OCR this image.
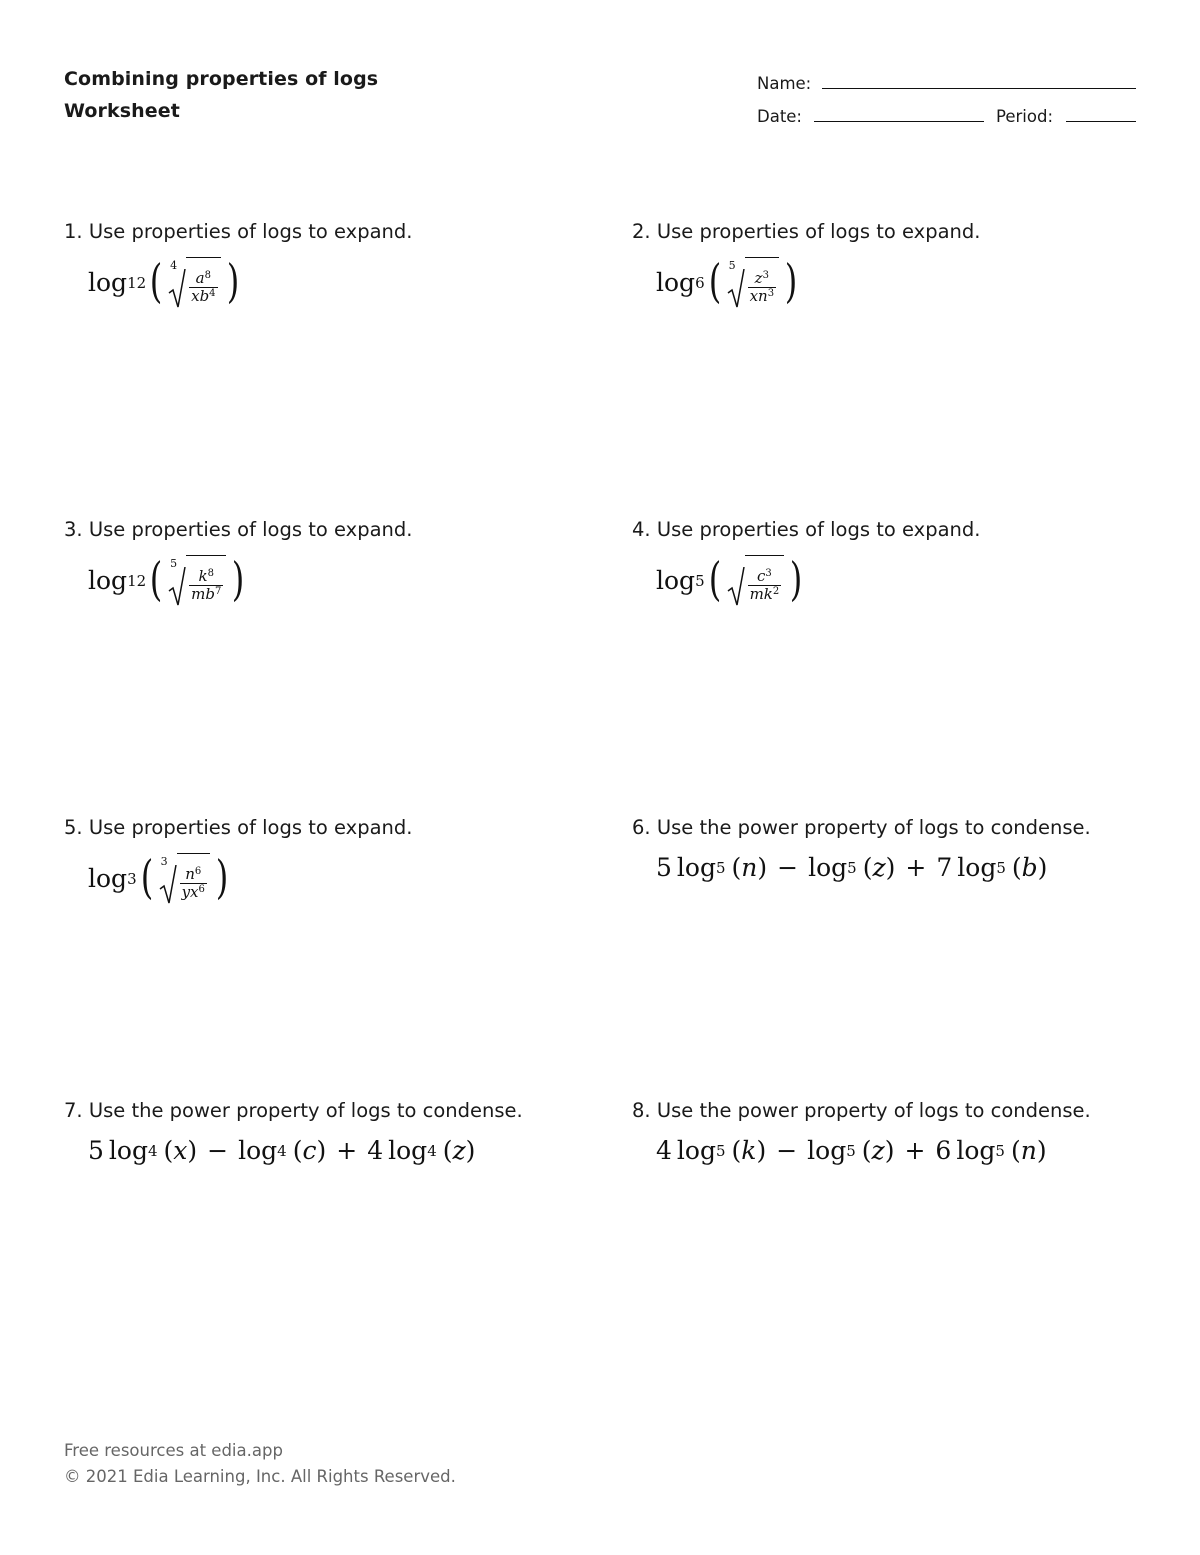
Combining properties of logs
Worksheet
Name:
Date:	Period:
1. Use properties of logs to expand.
log 12 ( 4
$\frac{a^8}{xb^4}$ )
2. Use properties of logs to expand.
log 6 ( 5
$\frac{z^3}{xn^3}$ )
3. Use properties of logs to expand.
log 12 ( 5
$\frac{k^8}{mb^7}$ )
4. Use properties of logs to expand.
log 5 ( $\frac{c^3}{mk^2}$ )
5. Use properties of logs to expand.
log 3 ( 3
$\frac{n^6}{yx^6}$ )
6. Use the power property of logs to condense.
5 log 5 (n) − log 5 (z) + 7 log 5 (b)
7. Use the power property of logs to condense.
5 log 4 (x) − log 4 (c) + 4 log 4 (z)
8. Use the power property of logs to condense.
4 log 5 (k) − log 5 (z) + 6 log 5 (n)
Free resources at edia.app
© 2021 Edia Learning, Inc. All Rights Reserved.
